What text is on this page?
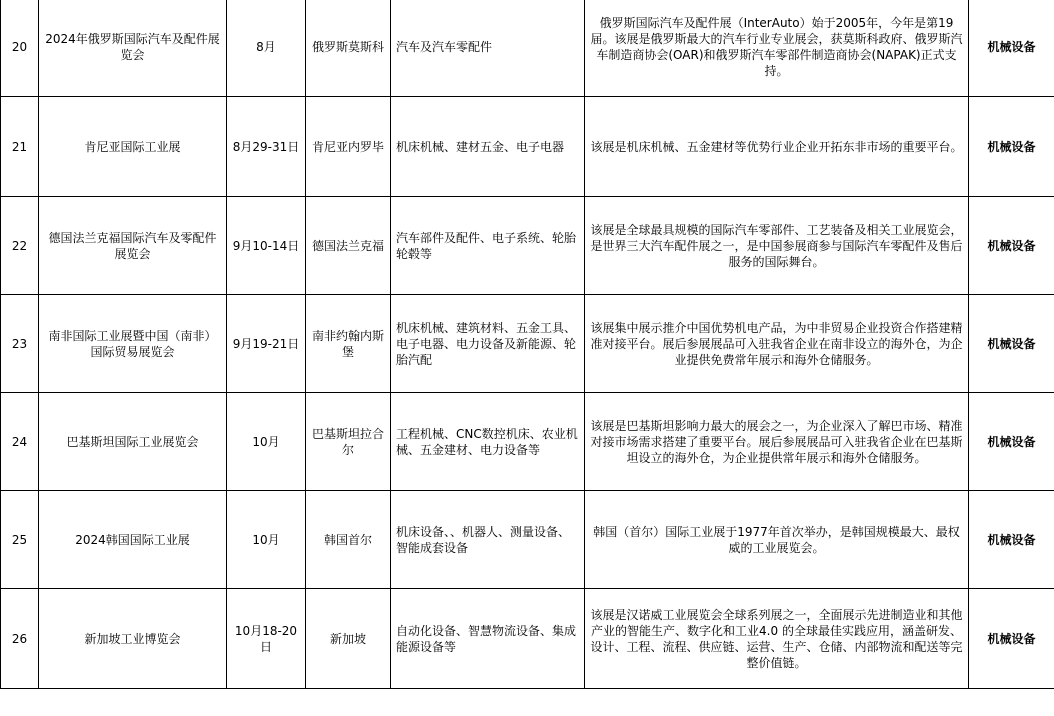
20	2024年俄罗斯国际汽车及配件展览会	8月	俄罗斯莫斯科	汽车及汽车零配件	俄罗斯国际汽车及配件展（InterAuto）始于2005年，今年是第19届。该展是俄罗斯最大的汽车行业专业展会，获莫斯科政府、俄罗斯汽车制造商协会(OAR)和俄罗斯汽车零部件制造商协会(NAPAK)正式支持。	机械设备
21	肯尼亚国际工业展	8月29-31日	肯尼亚内罗毕	机床机械、建材五金、电子电器	该展是机床机械、五金建材等优势行业企业开拓东非市场的重要平台。	机械设备
22	德国法兰克福国际汽车及零配件展览会	9月10-14日	德国法兰克福	汽车部件及配件、电子系统、轮胎轮毂等	该展是全球最具规模的国际汽车零部件、工艺装备及相关工业展览会，是世界三大汽车配件展之一，是中国参展商参与国际汽车零配件及售后服务的国际舞台。	机械设备
23	南非国际工业展暨中国（南非）国际贸易展览会	9月19-21日	南非约翰内斯堡	机床机械、建筑材料、五金工具、电子电器、电力设备及新能源、轮胎汽配	该展集中展示推介中国优势机电产品，为中非贸易企业投资合作搭建精准对接平台。展后参展展品可入驻我省企业在南非设立的海外仓，为企业提供免费常年展示和海外仓储服务。	机械设备
24	巴基斯坦国际工业展览会	10月	巴基斯坦拉合尔	工程机械、CNC数控机床、农业机械、五金建材、电力设备等	该展是巴基斯坦影响力最大的展会之一，为企业深入了解巴市场、精准对接市场需求搭建了重要平台。展后参展展品可入驻我省企业在巴基斯坦设立的海外仓，为企业提供常年展示和海外仓储服务。	机械设备
25	2024韩国国际工业展	10月	韩国首尔	机床设备、、机器人、测量设备、智能成套设备	韩国（首尔）国际工业展于1977年首次举办，是韩国规模最大、最权威的工业展览会。	机械设备
26	新加坡工业博览会	10月18-20日	新加坡	自动化设备、智慧物流设备、集成能源设备等	该展是汉诺威工业展览会全球系列展之一，全面展示先进制造业和其他产业的智能生产、数字化和工业4.0 的全球最佳实践应用，涵盖研发、设计、工程、流程、供应链、运营、生产、仓储、内部物流和配送等完整价值链。	机械设备
